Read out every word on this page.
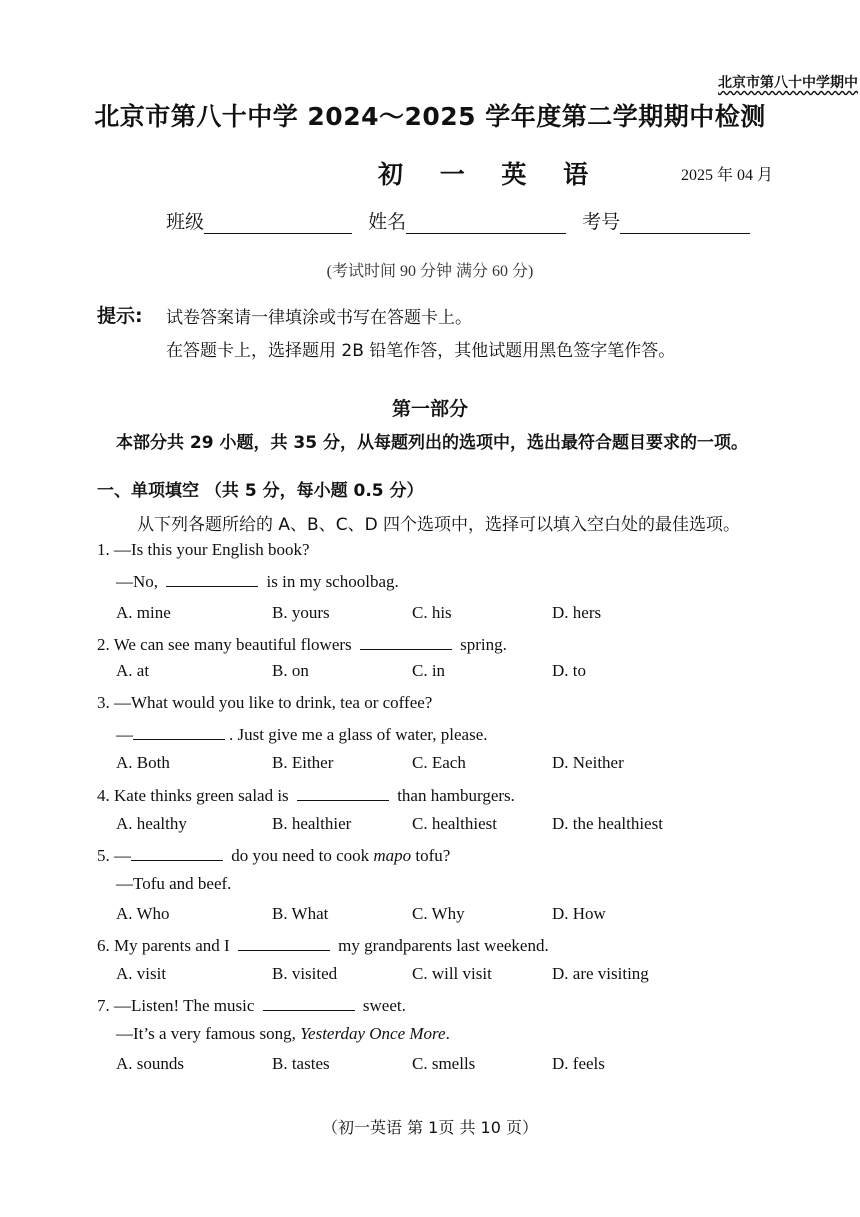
北京市第八十中学期中
北京市第八十中学 2024～2025 学年度第二学期期中检测
初 一 英 语	2025 年 04 月
班级	姓名	考号
(考试时间 90 分钟 满分 60 分)
提示: 试卷答案请一律填涂或书写在答题卡上。
在答题卡上，选择题用 2B 铅笔作答，其他试题用黑色签字笔作答。
第一部分
本部分共 29 小题，共 35 分，从每题列出的选项中，选出最符合题目要求的一项。
一、单项填空 （共 5 分，每小题 0.5 分）
从下列各题所给的 A、B、C、D 四个选项中，选择可以填入空白处的最佳选项。
1. —Is this your English book?
—No,	is in my schoolbag.
A. mine	B. yours	C. his	D. hers
2. We can see many beautiful flowers	spring.
A. at	B. on	C. in	D. to
3. —What would you like to drink, tea or coffee?
—	. Just give me a glass of water, please.
A. Both	B. Either	C. Each	D. Neither
4. Kate thinks green salad is	than hamburgers.
A. healthy	B. healthier	C. healthiest	D. the healthiest
5. —	do you need to cook mapo tofu?
—Tofu and beef.
A. Who	B. What	C. Why	D. How
6. My parents and I	my grandparents last weekend.
A. visit	B. visited	C. will visit	D. are visiting
7. —Listen! The music	sweet.
—It’s a very famous song, Yesterday Once More.
A. sounds	B. tastes	C. smells	D. feels
（初一英语 第 1页 共 10 页）
